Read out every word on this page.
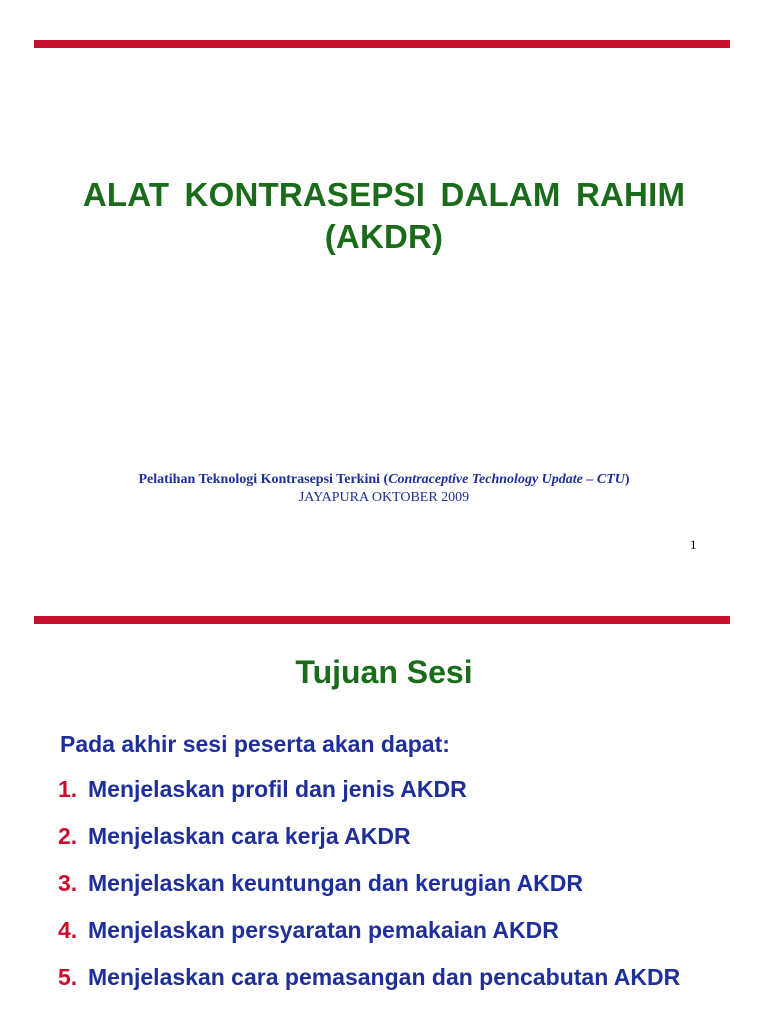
ALAT KONTRASEPSI DALAM RAHIM
(AKDR)
Pelatihan Teknologi Kontrasepsi Terkini (Contraceptive Technology Update – CTU)
JAYAPURA OKTOBER 2009
1
Tujuan Sesi
Pada akhir sesi peserta akan dapat:
1. Menjelaskan profil dan jenis AKDR
2. Menjelaskan cara kerja AKDR
3. Menjelaskan keuntungan dan kerugian AKDR
4. Menjelaskan persyaratan pemakaian AKDR
5. Menjelaskan cara pemasangan dan pencabutan AKDR
